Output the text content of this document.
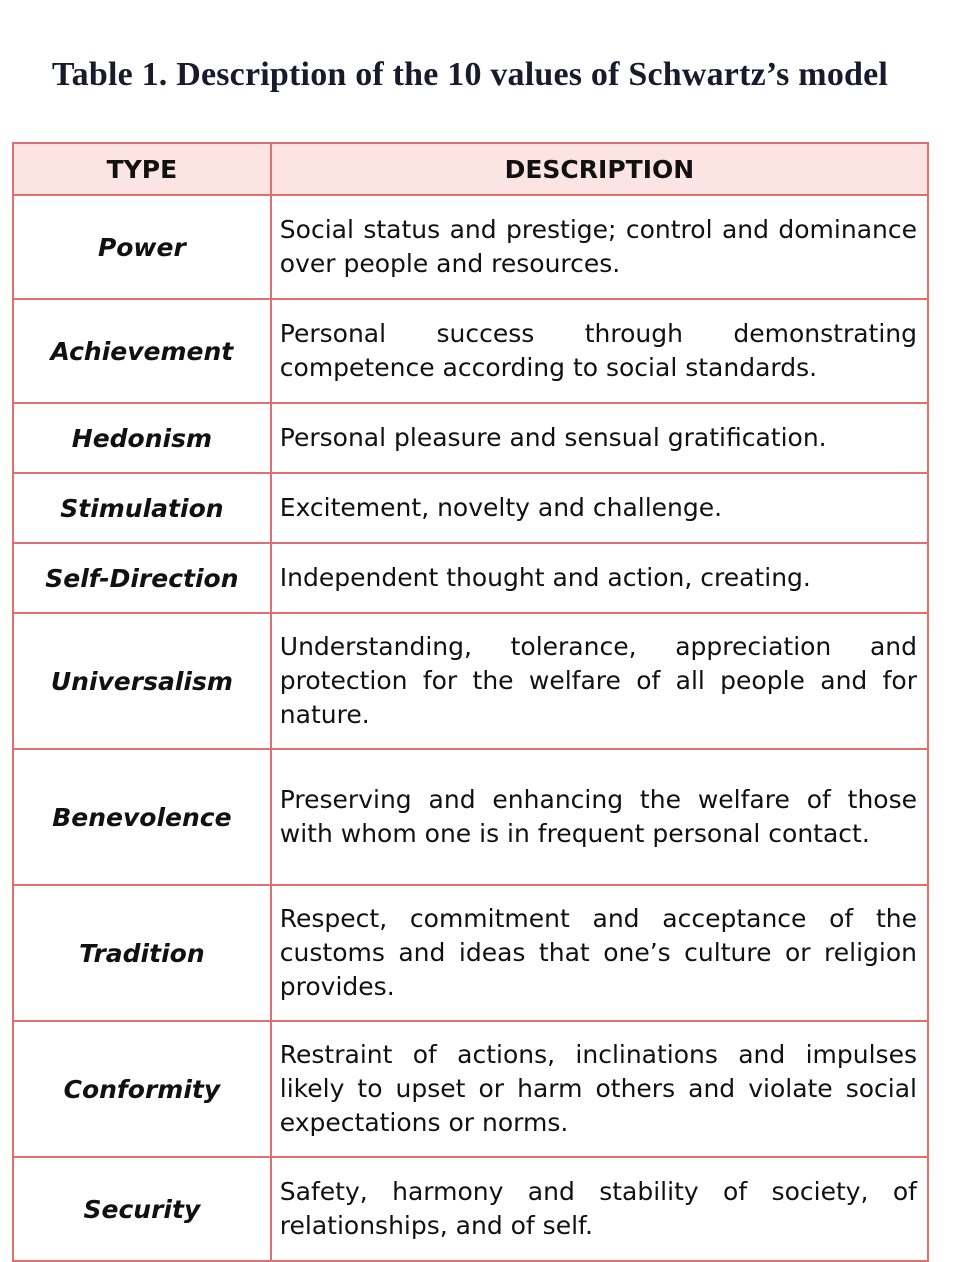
Table 1. Description of the 10 values of Schwartz’s model
TYPE	DESCRIPTION
Power	Social status and prestige; control and dominance over people and resources.
Achievement	Personal success through demonstrating competence according to social standards.
Hedonism	Personal pleasure and sensual gratification.
Stimulation	Excitement, novelty and challenge.
Self-Direction	Independent thought and action, creating.
Universalism	Understanding, tolerance, appreciation and protection for the welfare of all people and for nature.
Benevolence	Preserving and enhancing the welfare of those with whom one is in frequent personal contact.
Tradition	Respect, commitment and acceptance of the customs and ideas that one’s culture or religion provides.
Conformity	Restraint of actions, inclinations and impulses likely to upset or harm others and violate social expectations or norms.
Security	Safety, harmony and stability of society, of relationships, and of self.
